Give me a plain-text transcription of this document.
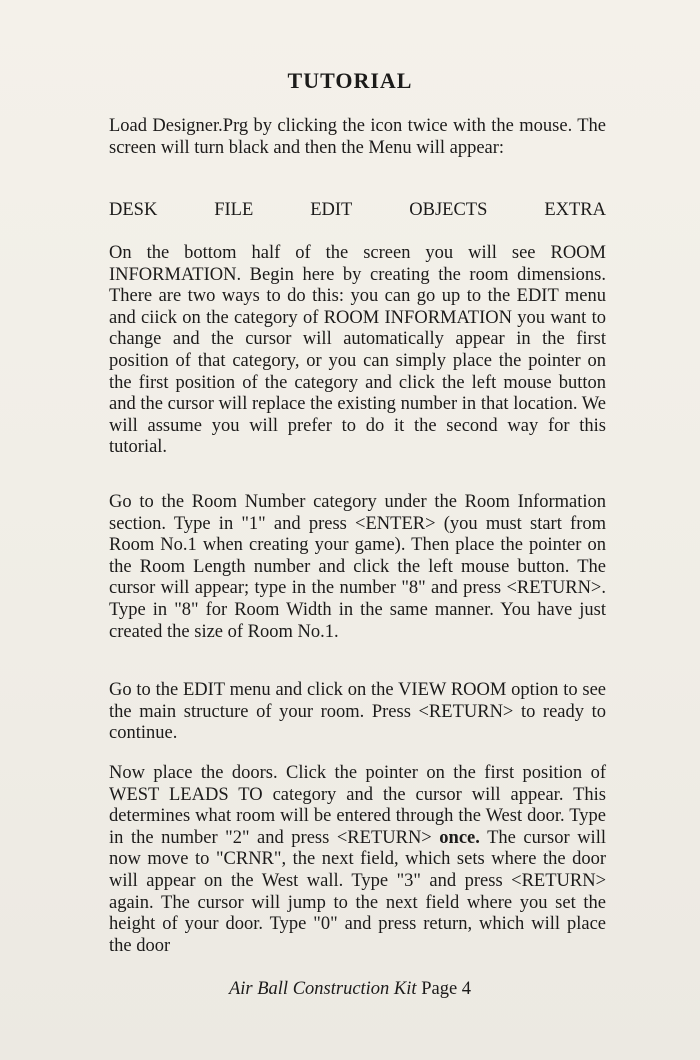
TUTORIAL

Load Designer.Prg by clicking the icon twice with the mouse. The screen will turn black and then the Menu will appear:

DESK	FILE	EDIT	OBJECTS	EXTRA

On the bottom half of the screen you will see ROOM INFORMATION. Begin here by creating the room dimensions. There are two ways to do this: you can go up to the EDIT menu and ciick on the category of ROOM INFORMATION you want to change and the cursor will automatically appear in the first position of that category, or you can simply place the pointer on the first position of the category and click the left mouse button and the cursor will replace the existing number in that location. We will assume you will prefer to do it the second way for this tutorial.

Go to the Room Number category under the Room Information section. Type in "1" and press <ENTER> (you must start from Room No.1 when creating your game). Then place the pointer on the Room Length number and click the left mouse button. The cursor will appear; type in the number "8" and press <RETURN>. Type in "8" for Room Width in the same manner. You have just created the size of Room No.1.

Go to the EDIT menu and click on the VIEW ROOM option to see the main structure of your room. Press <RETURN> to ready to continue.

Now place the doors. Click the pointer on the first position of WEST LEADS TO category and the cursor will appear. This determines what room will be entered through the West door. Type in the number "2" and press <RETURN> once. The cursor will now move to "CRNR", the next field, which sets where the door will appear on the West wall. Type "3" and press <RETURN> again. The cursor will jump to the next field where you set the height of your door. Type "0" and press return, which will place the door

Air Ball Construction Kit Page 4
